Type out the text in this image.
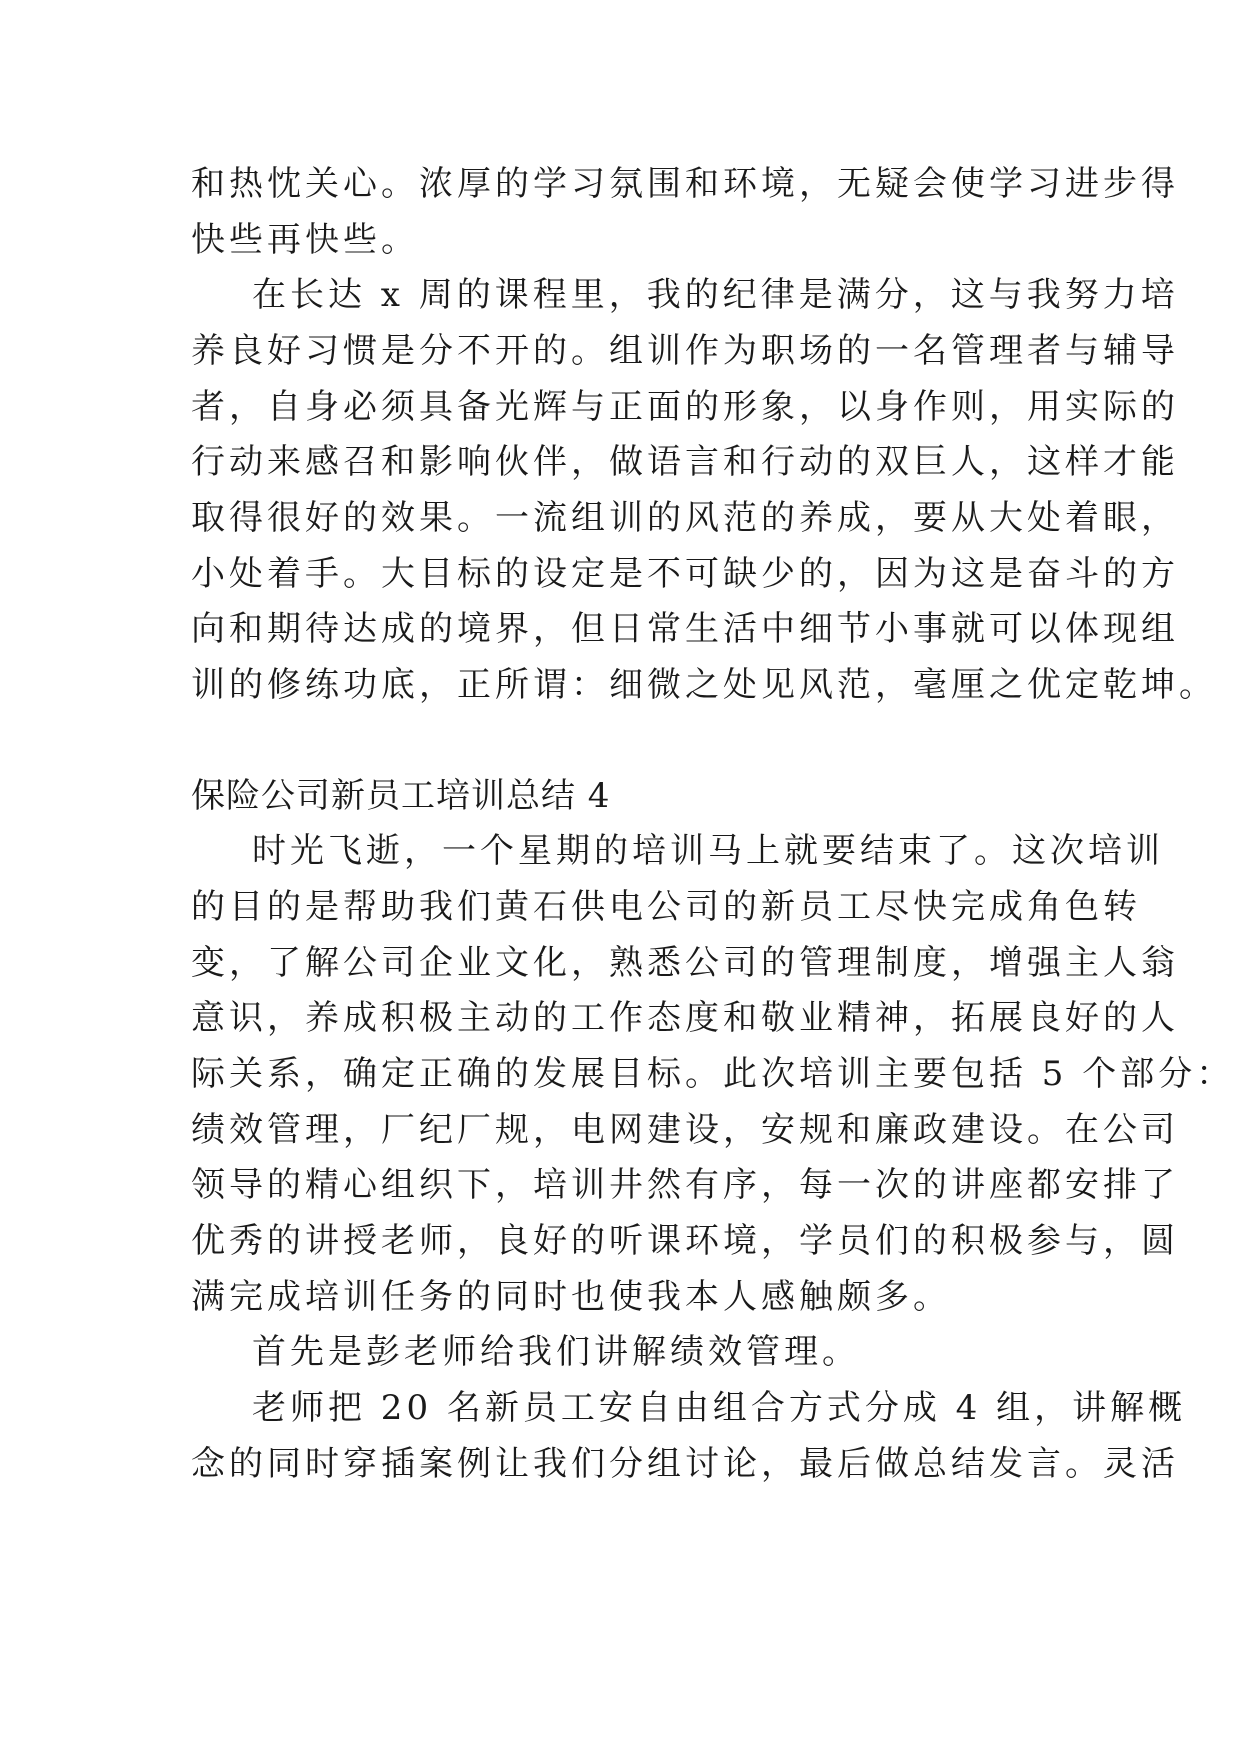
和热忱关心。浓厚的学习氛围和环境，无疑会使学习进步得
快些再快些。
在长达 x 周的课程里，我的纪律是满分，这与我努力培
养良好习惯是分不开的。组训作为职场的一名管理者与辅导
者，自身必须具备光辉与正面的形象，以身作则，用实际的
行动来感召和影响伙伴，做语言和行动的双巨人，这样才能
取得很好的效果。一流组训的风范的养成，要从大处着眼，
小处着手。大目标的设定是不可缺少的，因为这是奋斗的方
向和期待达成的境界，但日常生活中细节小事就可以体现组
训的修练功底，正所谓：细微之处见风范，毫厘之优定乾坤。
保险公司新员工培训总结 4
时光飞逝，一个星期的培训马上就要结束了。这次培训
的目的是帮助我们黄石供电公司的新员工尽快完成角色转
变，了解公司企业文化，熟悉公司的管理制度，增强主人翁
意识，养成积极主动的工作态度和敬业精神，拓展良好的人
际关系，确定正确的发展目标。此次培训主要包括 5 个部分：
绩效管理，厂纪厂规，电网建设，安规和廉政建设。在公司
领导的精心组织下，培训井然有序，每一次的讲座都安排了
优秀的讲授老师，良好的听课环境，学员们的积极参与，圆
满完成培训任务的同时也使我本人感触颇多。
首先是彭老师给我们讲解绩效管理。
老师把 20 名新员工安自由组合方式分成 4 组，讲解概
念的同时穿插案例让我们分组讨论，最后做总结发言。灵活
